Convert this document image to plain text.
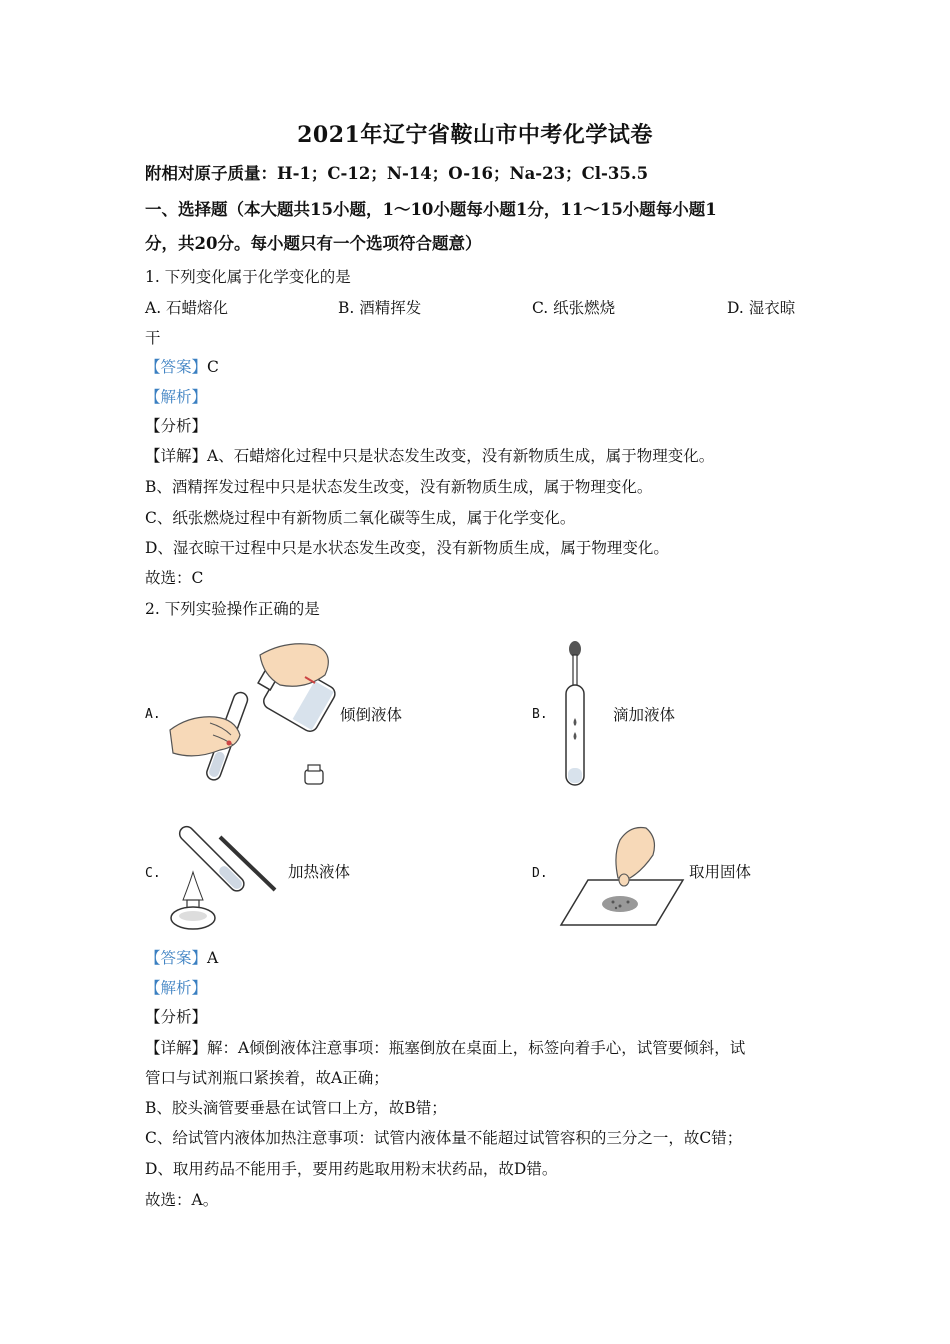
2021年辽宁省鞍山市中考化学试卷
附相对原子质量：H-1；C-12；N-14；O-16；Na-23；Cl-35.5
一、选择题（本大题共15小题，1～10小题每小题1分，11～15小题每小题1
分，共20分。每小题只有一个选项符合题意）
1. 下列变化属于化学变化的是
A. 石蜡熔化	B. 酒精挥发	C. 纸张燃烧	D. 湿衣晾
干
【答案】C
【解析】
【分析】
【详解】A、石蜡熔化过程中只是状态发生改变，没有新物质生成，属于物理变化。
B、酒精挥发过程中只是状态发生改变，没有新物质生成，属于物理变化。
C、纸张燃烧过程中有新物质二氧化碳等生成，属于化学变化。
D、湿衣晾干过程中只是水状态发生改变，没有新物质生成，属于物理变化。
故选：C
2. 下列实验操作正确的是
A.	倾倒液体	B.	滴加液体
C.	加热液体	D.	取用固体
【答案】A
【解析】
【分析】
【详解】解：A倾倒液体注意事项：瓶塞倒放在桌面上，标签向着手心，试管要倾斜，试
管口与试剂瓶口紧挨着，故A正确；
B、胶头滴管要垂悬在试管口上方，故B错；
C、给试管内液体加热注意事项：试管内液体量不能超过试管容积的三分之一，故C错；
D、取用药品不能用手，要用药匙取用粉末状药品，故D错。
故选：A。
